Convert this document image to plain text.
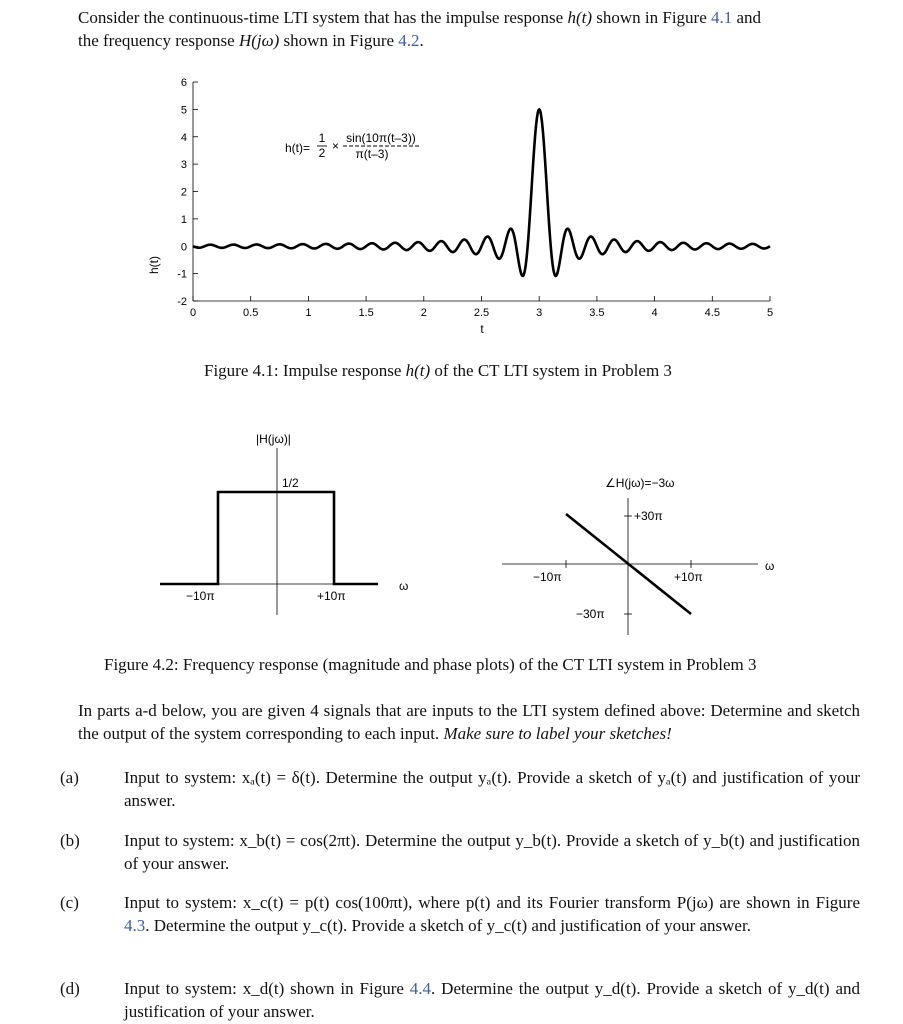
Consider the continuous-time LTI system that has the impulse response h(t) shown in Figure 4.1 and
the frequency response H(jω) shown in Figure 4.2.
0	0.5	1	1.5	2	2.5	3	3.5	4	4.5	5
-2
-1
0
1
2
3
4
5
6
h(t)
t
h(t)=
1
2 ×
sin(10π(t–3))
π(t–3)
Figure 4.1: Impulse response h(t) of the CT LTI system in Problem 3
|H(jω)|
1/2
−10π	+10π
ω
∠H(jω)=−3ω
+30π
−30π
−10π	+10π
ω
Figure 4.2: Frequency response (magnitude and phase plots) of the CT LTI system in Problem 3
In parts a-d below, you are given 4 signals that are inputs to the LTI system defined above: Determine and sketch the output of the system corresponding to each input. Make sure to label your sketches!
(a)	Input to system: xₐ(t) = δ(t). Determine the output yₐ(t). Provide a sketch of yₐ(t) and justification of your answer.
(b)	Input to system: x_b(t) = cos(2πt). Determine the output y_b(t). Provide a sketch of y_b(t) and justification of your answer.
(c)	Input to system: x_c(t) = p(t) cos(100πt), where p(t) and its Fourier transform P(jω) are shown in Figure 4.3. Determine the output y_c(t). Provide a sketch of y_c(t) and justification of your answer.
(d)	Input to system: x_d(t) shown in Figure 4.4. Determine the output y_d(t). Provide a sketch of y_d(t) and justification of your answer.
